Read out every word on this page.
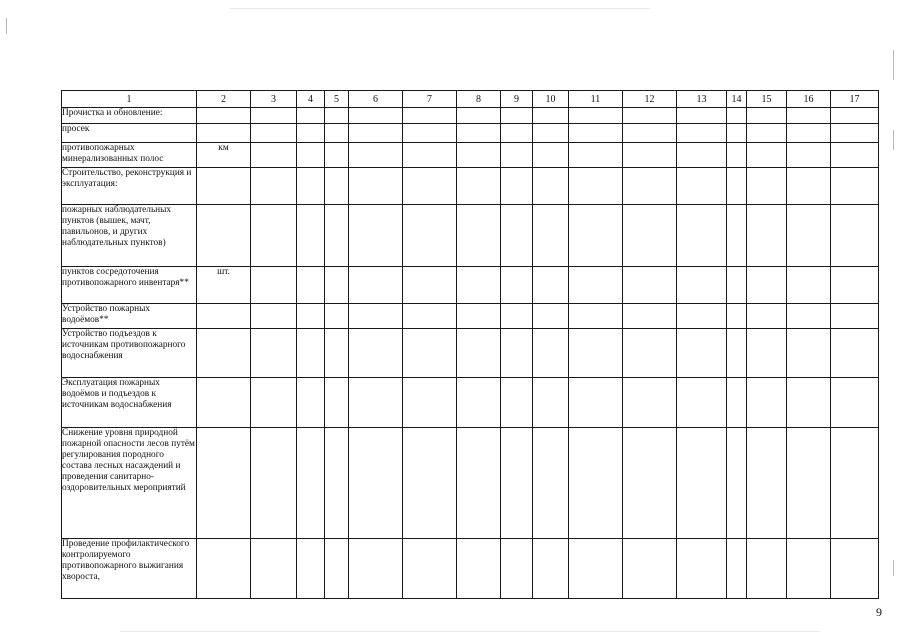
1	2	3	4	5	6	7	8	9	10	11	12	13	14	15	16	17
Прочистка и обновление:																
просек																
противопожарных минерализованных полос	км															
Строительство, реконструкция и эксплуатация:																
пожарных наблюдательных пунктов (вышек, мачт, павильонов, и других наблюдательных пунктов)																
пунктов сосредоточения противопожарного инвентаря**	шт.															
Устройство пожарных водоёмов**																
Устройство подъездов к источникам противопожарного водоснабжения																
Эксплуатация пожарных водоёмов и подъездов к источникам водоснабжения																
Снижение уровня природной пожарной опасности лесов путём регулирования породного состава лесных насаждений и проведения санитарно-оздоровительных мероприятий																
Проведение профилактического контролируемого противопожарного выжигания хвороста,																
9
